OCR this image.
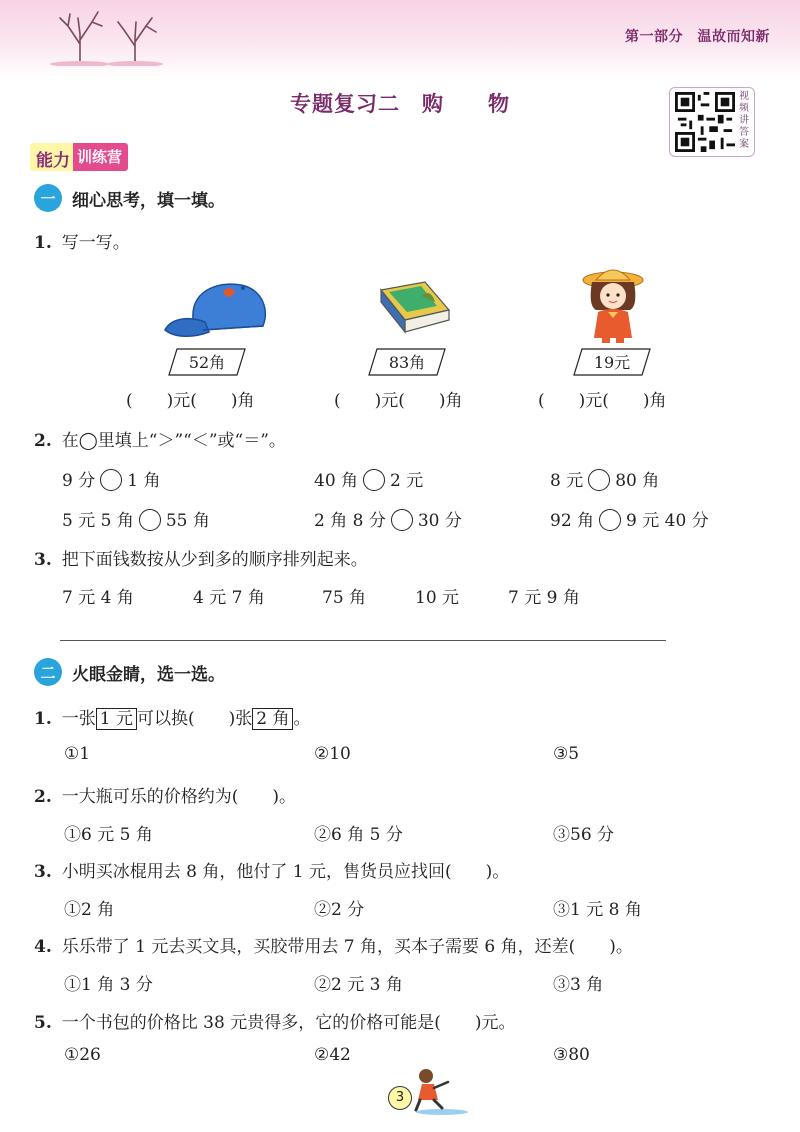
第一部分　温故而知新
专题复习二　购　　物	视频讲答案
能力 训练营
一 细心思考，填一填。
1. 写一写。
52角	83角	19元
(　　)元(　　)角	(　　)元(　　)角	(　　)元(　　)角
2. 在◯里填上“＞”“＜”或“＝”。
9 分 1 角	40 角 2 元	8 元 80 角
5 元 5 角 55 角	2 角 8 分 30 分	92 角 9 元 40 分
3. 把下面钱数按从少到多的顺序排列起来。
7 元 4 角	4 元 7 角	75 角	10 元	7 元 9 角
二 火眼金睛，选一选。
1. 一张 1 元 可以换(　　)张 2 角 。
①1	②10	③5
2. 一大瓶可乐的价格约为(　　)。
①6 元 5 角	②6 角 5 分	③56 分
3. 小明买冰棍用去 8 角，他付了 1 元，售货员应找回(　　)。
①2 角	②2 分	③1 元 8 角
4. 乐乐带了 1 元去买文具，买胶带用去 7 角，买本子需要 6 角，还差(　　)。
①1 角 3 分	②2 元 3 角	③3 角
5. 一个书包的价格比 38 元贵得多，它的价格可能是(　　)元。
①26	②42	③80
3
